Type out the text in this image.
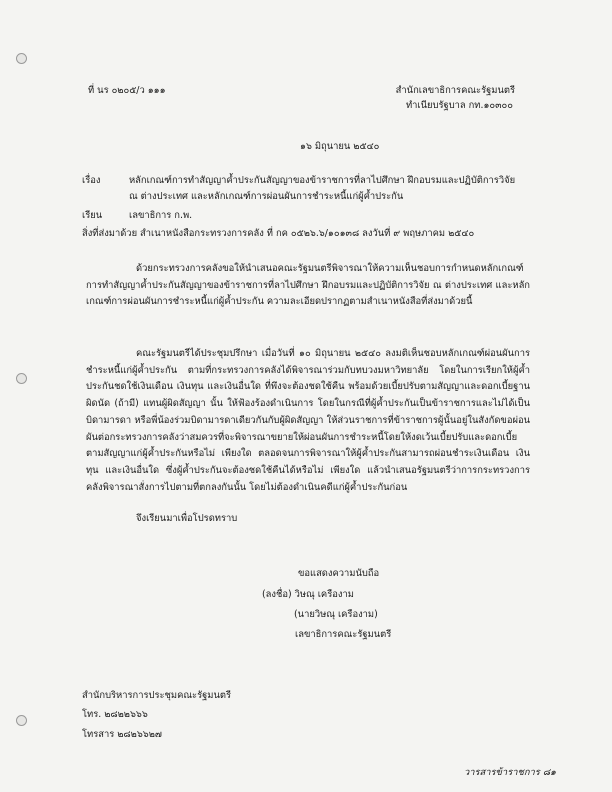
ที่ นร ๐๒๐๕/ว ๑๑๑	สำนักเลขาธิการคณะรัฐมนตรี
ทำเนียบรัฐบาล กท.๑๐๓๐๐
๑๖ มิถุนายน ๒๕๔๐
เรื่อง	หลักเกณฑ์การทำสัญญาค้ำประกันสัญญาของข้าราชการที่ลาไปศึกษา ฝึกอบรมและปฏิบัติการวิจัย
ณ ต่างประเทศ และหลักเกณฑ์การผ่อนผันการชำระหนี้แก่ผู้ค้ำประกัน
เรียน	เลขาธิการ ก.พ.
สิ่งที่ส่งมาด้วย สำเนาหนังสือกระทรวงการคลัง ที่ กค ๐๕๒๖.๖/๑๐๑๓๘ ลงวันที่ ๙ พฤษภาคม ๒๕๔๐

ด้วยกระทรวงการคลังขอให้นำเสนอคณะรัฐมนตรีพิจารณาให้ความเห็นชอบการกำหนดหลักเกณฑ์การทำสัญญาค้ำประกันสัญญาของข้าราชการที่ลาไปศึกษา ฝึกอบรมและปฏิบัติการวิจัย ณ ต่างประเทศ และหลักเกณฑ์การผ่อนผันการชำระหนี้แก่ผู้ค้ำประกัน ความละเอียดปรากฏตามสำเนาหนังสือที่ส่งมาด้วยนี้

คณะรัฐมนตรีได้ประชุมปรึกษา เมื่อวันที่ ๑๐ มิถุนายน ๒๕๔๐ ลงมติเห็นชอบหลักเกณฑ์ผ่อนผันการชำระหนี้แก่ผู้ค้ำประกัน ตามที่กระทรวงการคลังได้พิจารณาร่วมกับทบวงมหาวิทยาลัย โดยในการเรียกให้ผู้ค้ำประกันชดใช้เงินเดือน เงินทุน และเงินอื่นใด ที่พึงจะต้องชดใช้คืน พร้อมด้วยเบี้ยปรับตามสัญญาและดอกเบี้ยฐานผิดนัด (ถ้ามี) แทนผู้ผิดสัญญา นั้น ให้ฟ้องร้องดำเนินการ โดยในกรณีที่ผู้ค้ำประกันเป็นข้าราชการและไม่ได้เป็นบิดามารดา หรือพี่น้องร่วมบิดามารดาเดียวกันกับผู้ผิดสัญญา ให้ส่วนราชการที่ข้าราชการผู้นั้นอยู่ในสังกัดขอผ่อนผันต่อกระทรวงการคลังว่าสมควรที่จะพิจารณาขยายให้ผ่อนผันการชำระหนี้โดยให้งดเว้นเบี้ยปรับและดอกเบี้ยตามสัญญาแก่ผู้ค้ำประกันหรือไม่ เพียงใด ตลอดจนการพิจารณาให้ผู้ค้ำประกันสามารถผ่อนชำระเงินเดือน เงินทุน และเงินอื่นใด ซึ่งผู้ค้ำประกันจะต้องชดใช้คืนได้หรือไม่ เพียงใด แล้วนำเสนอรัฐมนตรีว่าการกระทรวงการคลังพิจารณาสั่งการไปตามที่ตกลงกันนั้น โดยไม่ต้องดำเนินคดีแก่ผู้ค้ำประกันก่อน

จึงเรียนมาเพื่อโปรดทราบ

ขอแสดงความนับถือ
(ลงชื่อ) วิษณุ เครืองาม
(นายวิษณุ เครืองาม)
เลขาธิการคณะรัฐมนตรี
สำนักบริหารการประชุมคณะรัฐมนตรี
โทร. ๒๘๒๒๖๖๖
โทรสาร ๒๘๒๖๖๒๗
วารสารข้าราชการ ๘๑
